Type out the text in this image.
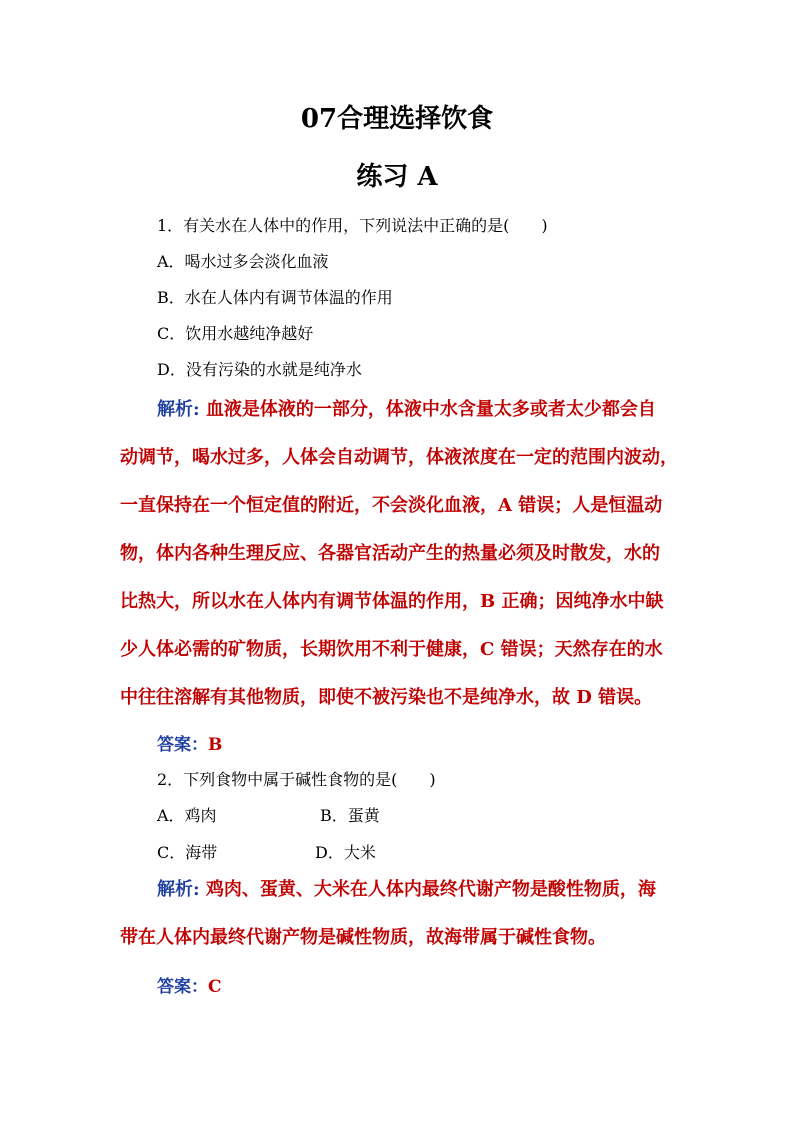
07合理选择饮食
练习 A
1．有关水在人体中的作用，下列说法中正确的是(　　)
A．喝水过多会淡化血液
B．水在人体内有调节体温的作用
C．饮用水越纯净越好
D．没有污染的水就是纯净水
解析: 血液是体液的一部分，体液中水含量太多或者太少都会自
动调节，喝水过多，人体会自动调节，体液浓度在一定的范围内波动，
一直保持在一个恒定值的附近，不会淡化血液，A 错误；人是恒温动
物，体内各种生理反应、各器官活动产生的热量必须及时散发，水的
比热大，所以水在人体内有调节体温的作用，B 正确；因纯净水中缺
少人体必需的矿物质，长期饮用不利于健康，C 错误；天然存在的水
中往往溶解有其他物质，即使不被污染也不是纯净水，故 D 错误。
答案：B
2．下列食物中属于碱性食物的是(　　)
A．鸡肉	B．蛋黄
C．海带	D．大米
解析: 鸡肉、蛋黄、大米在人体内最终代谢产物是酸性物质，海
带在人体内最终代谢产物是碱性物质，故海带属于碱性食物。
答案：C
